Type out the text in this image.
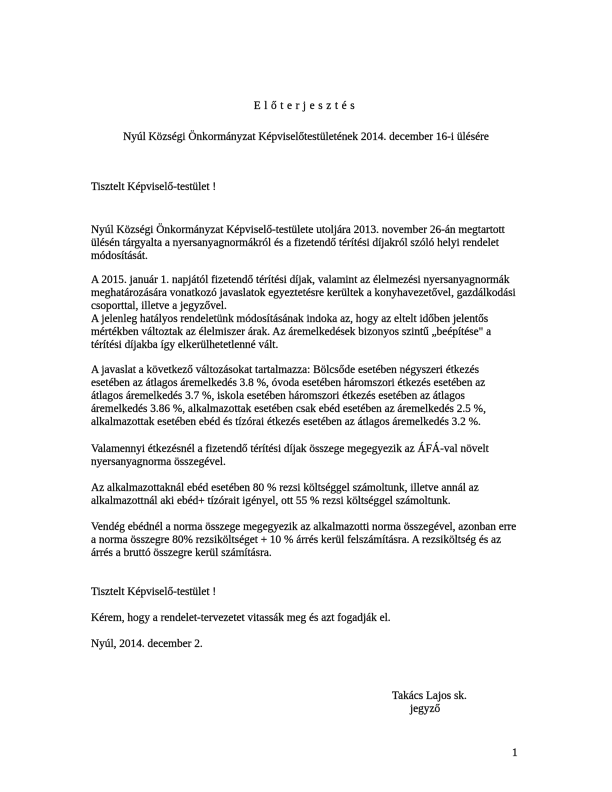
Előterjesztés
Nyúl Községi Önkormányzat Képviselőtestületének 2014. december 16-i ülésére
Tisztelt Képviselő-testület !
Nyúl Községi Önkormányzat Képviselő-testülete utoljára 2013. november 26-án megtartott
ülésén tárgyalta a nyersanyagnormákról és a fizetendő térítési díjakról szóló helyi rendelet
módosítását.
A 2015. január 1. napjától fizetendő térítési díjak, valamint az élelmezési nyersanyagnormák
meghatározására vonatkozó javaslatok egyeztetésre kerültek a konyhavezetővel, gazdálkodási
csoporttal, illetve a jegyzővel.
A jelenleg hatályos rendeletünk módosításának indoka az, hogy az eltelt időben jelentős
mértékben változtak az élelmiszer árak. Az áremelkedések bizonyos szintű „beépítése" a
térítési díjakba így elkerülhetetlenné vált.
A javaslat a következő változásokat tartalmazza: Bölcsőde esetében négyszeri étkezés
esetében az átlagos áremelkedés 3.8 %, óvoda esetében háromszori étkezés esetében az
átlagos áremelkedés 3.7 %, iskola esetében háromszori étkezés esetében az átlagos
áremelkedés 3.86 %, alkalmazottak esetében csak ebéd esetében az áremelkedés 2.5 %,
alkalmazottak esetében ebéd és tízórai étkezés esetében az átlagos áremelkedés 3.2 %.
Valamennyi étkezésnél a fizetendő térítési díjak összege megegyezik az ÁFÁ-val növelt
nyersanyagnorma összegével.
Az alkalmazottaknál ebéd esetében 80 % rezsi költséggel számoltunk, illetve annál az
alkalmazottnál aki ebéd+ tízórait igényel, ott 55 % rezsi költséggel számoltunk.
Vendég ebédnél a norma összege megegyezik az alkalmazotti norma összegével, azonban erre
a norma összegre 80% rezsiköltséget + 10 % árrés kerül felszámításra. A rezsiköltség és az
árrés a bruttó összegre kerül számításra.
Tisztelt Képviselő-testület !
Kérem, hogy a rendelet-tervezetet vitassák meg és azt fogadják el.
Nyúl, 2014. december 2.
Takács Lajos sk.
jegyző
1
